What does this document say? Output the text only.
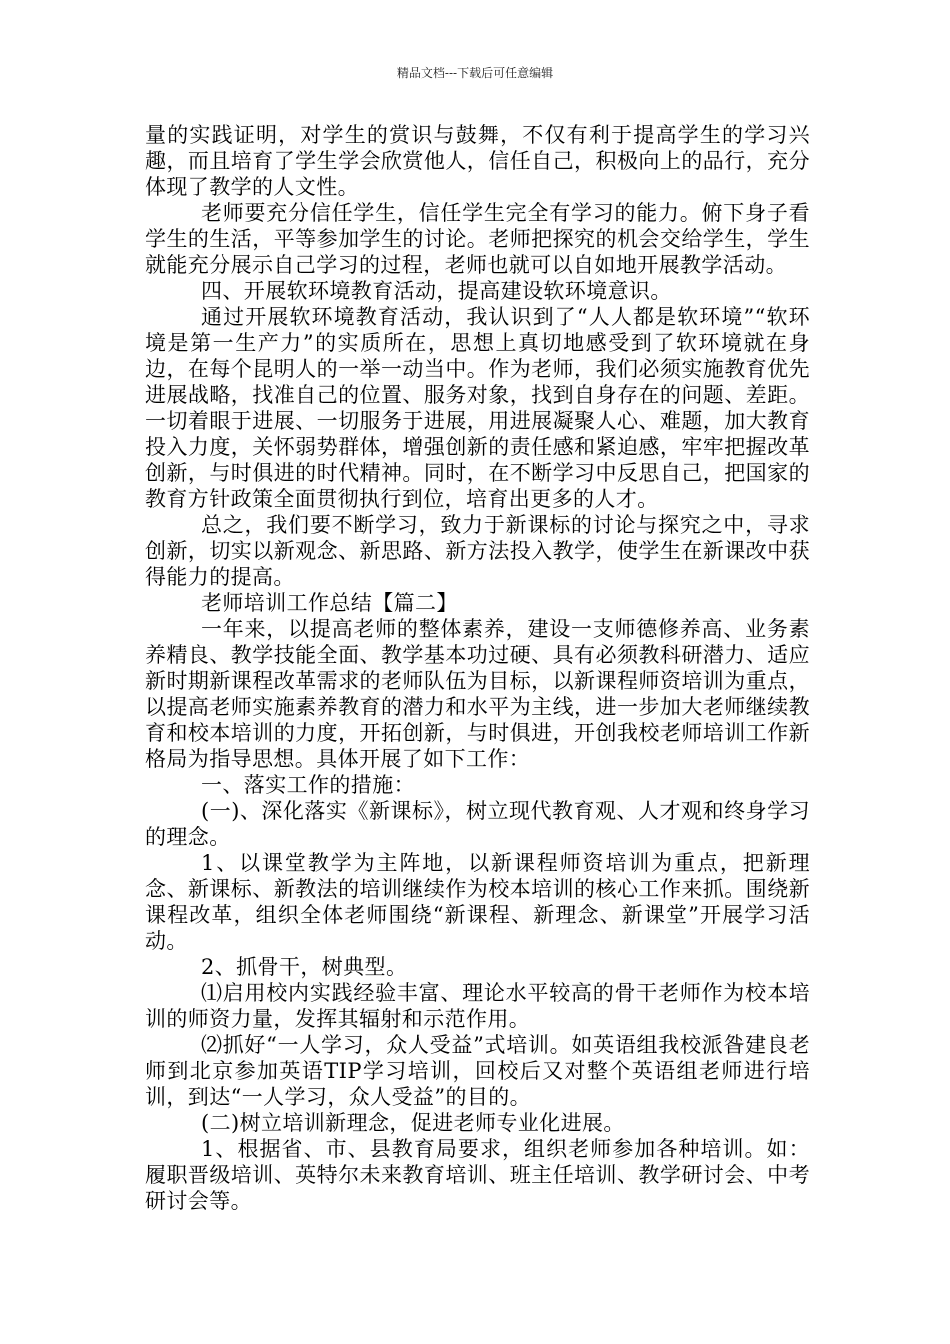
精品文档---下载后可任意编辑

量的实践证明，对学生的赏识与鼓舞，不仅有利于提高学生的学习兴趣，而且培育了学生学会欣赏他人，信任自己，积极向上的品行，充分体现了教学的人文性。

老师要充分信任学生，信任学生完全有学习的能力。俯下身子看学生的生活，平等参加学生的讨论。老师把探究的机会交给学生，学生就能充分展示自己学习的过程，老师也就可以自如地开展教学活动。

四、开展软环境教育活动，提高建设软环境意识。

通过开展软环境教育活动，我认识到了“人人都是软环境”“软环境是第一生产力”的实质所在，思想上真切地感受到了软环境就在身边，在每个昆明人的一举一动当中。作为老师，我们必须实施教育优先进展战略，找准自己的位置、服务对象，找到自身存在的问题、差距。一切着眼于进展、一切服务于进展，用进展凝聚人心、难题，加大教育投入力度，关怀弱势群体，增强创新的责任感和紧迫感，牢牢把握改革创新，与时俱进的时代精神。同时，在不断学习中反思自己，把国家的教育方针政策全面贯彻执行到位，培育出更多的人才。

总之，我们要不断学习，致力于新课标的讨论与探究之中，寻求创新，切实以新观念、新思路、新方法投入教学，使学生在新课改中获得能力的提高。

老师培训工作总结【篇二】

一年来，以提高老师的整体素养，建设一支师德修养高、业务素养精良、教学技能全面、教学基本功过硬、具有必须教科研潜力、适应新时期新课程改革需求的老师队伍为目标，以新课程师资培训为重点，以提高老师实施素养教育的潜力和水平为主线，进一步加大老师继续教育和校本培训的力度，开拓创新，与时俱进，开创我校老师培训工作新格局为指导思想。具体开展了如下工作：

一、落实工作的措施：

(一)、深化落实《新课标》，树立现代教育观、人才观和终身学习的理念。

1、以课堂教学为主阵地，以新课程师资培训为重点，把新理念、新课标、新教法的培训继续作为校本培训的核心工作来抓。围绕新课程改革，组织全体老师围绕“新课程、新理念、新课堂”开展学习活动。

2、抓骨干，树典型。

⑴启用校内实践经验丰富、理论水平较高的骨干老师作为校本培训的师资力量，发挥其辐射和示范作用。

⑵抓好“一人学习，众人受益”式培训。如英语组我校派昝建良老师到北京参加英语TIP学习培训，回校后又对整个英语组老师进行培训，到达“一人学习，众人受益”的目的。

(二)树立培训新理念，促进老师专业化进展。

1、根据省、市、县教育局要求，组织老师参加各种培训。如：履职晋级培训、英特尔未来教育培训、班主任培训、教学研讨会、中考研讨会等。
